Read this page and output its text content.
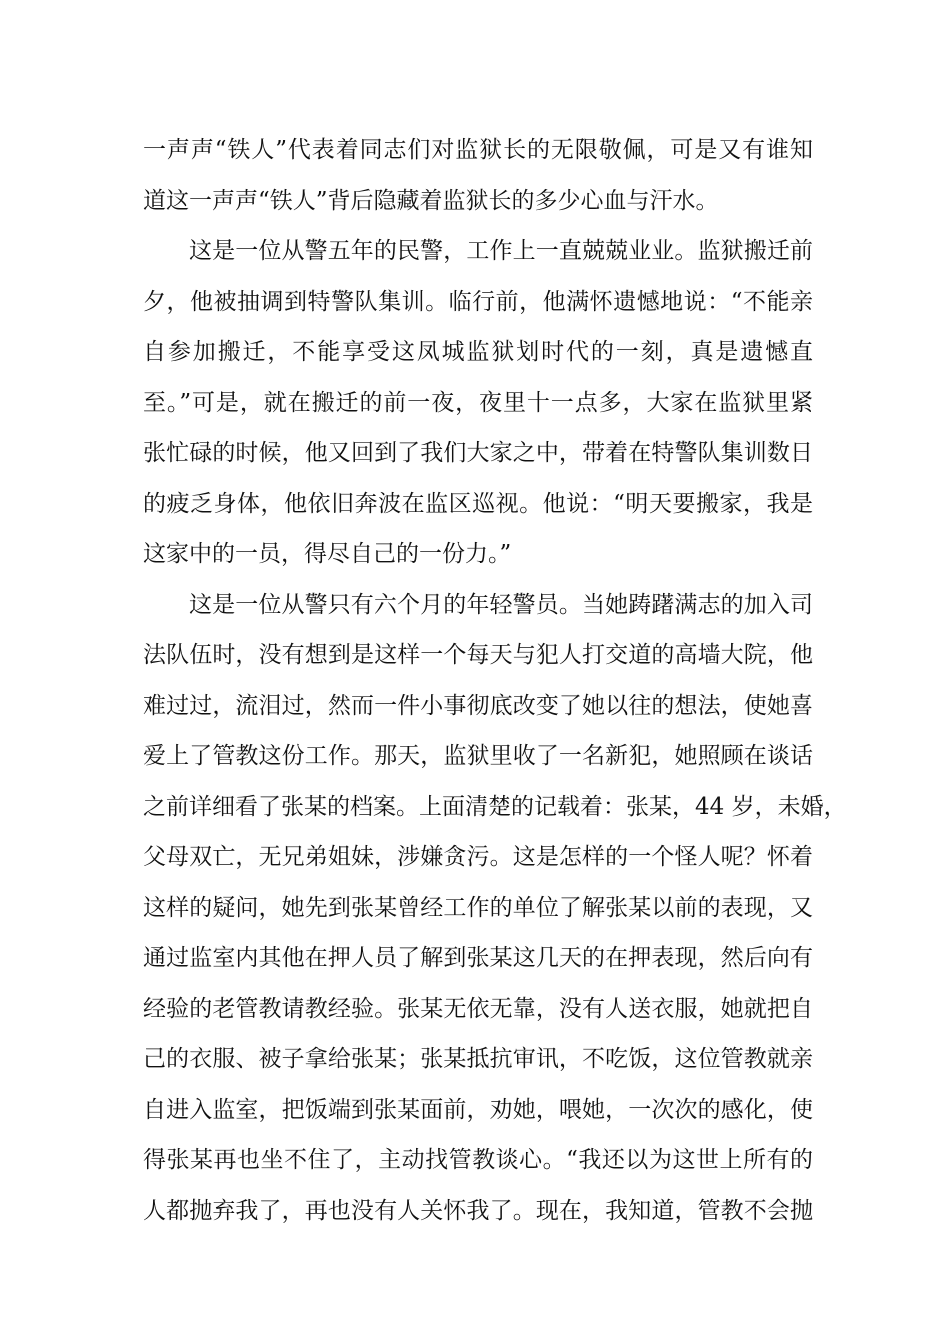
一声声“铁人”代表着同志们对监狱长的无限敬佩，可是又有谁知
道这一声声“铁人”背后隐藏着监狱长的多少心血与汗水。
这是一位从警五年的民警，工作上一直兢兢业业。监狱搬迁前
夕，他被抽调到特警队集训。临行前，他满怀遗憾地说：“不能亲
自参加搬迁，不能享受这凤城监狱划时代的一刻，真是遗憾直
至。”可是，就在搬迁的前一夜，夜里十一点多，大家在监狱里紧
张忙碌的时候，他又回到了我们大家之中，带着在特警队集训数日
的疲乏身体，他依旧奔波在监区巡视。他说：“明天要搬家，我是
这家中的一员，得尽自己的一份力。”
这是一位从警只有六个月的年轻警员。当她踌躇满志的加入司
法队伍时，没有想到是这样一个每天与犯人打交道的高墙大院，他
难过过，流泪过，然而一件小事彻底改变了她以往的想法，使她喜
爱上了管教这份工作。那天，监狱里收了一名新犯，她照顾在谈话
之前详细看了张某的档案。上面清楚的记载着：张某，44 岁，未婚，
父母双亡，无兄弟姐妹，涉嫌贪污。这是怎样的一个怪人呢？怀着
这样的疑问，她先到张某曾经工作的单位了解张某以前的表现，又
通过监室内其他在押人员了解到张某这几天的在押表现，然后向有
经验的老管教请教经验。张某无依无靠，没有人送衣服，她就把自
己的衣服、被子拿给张某；张某抵抗审讯，不吃饭，这位管教就亲
自进入监室，把饭端到张某面前，劝她，喂她，一次次的感化，使
得张某再也坐不住了，主动找管教谈心。“我还以为这世上所有的
人都抛弃我了，再也没有人关怀我了。现在，我知道，管教不会抛
